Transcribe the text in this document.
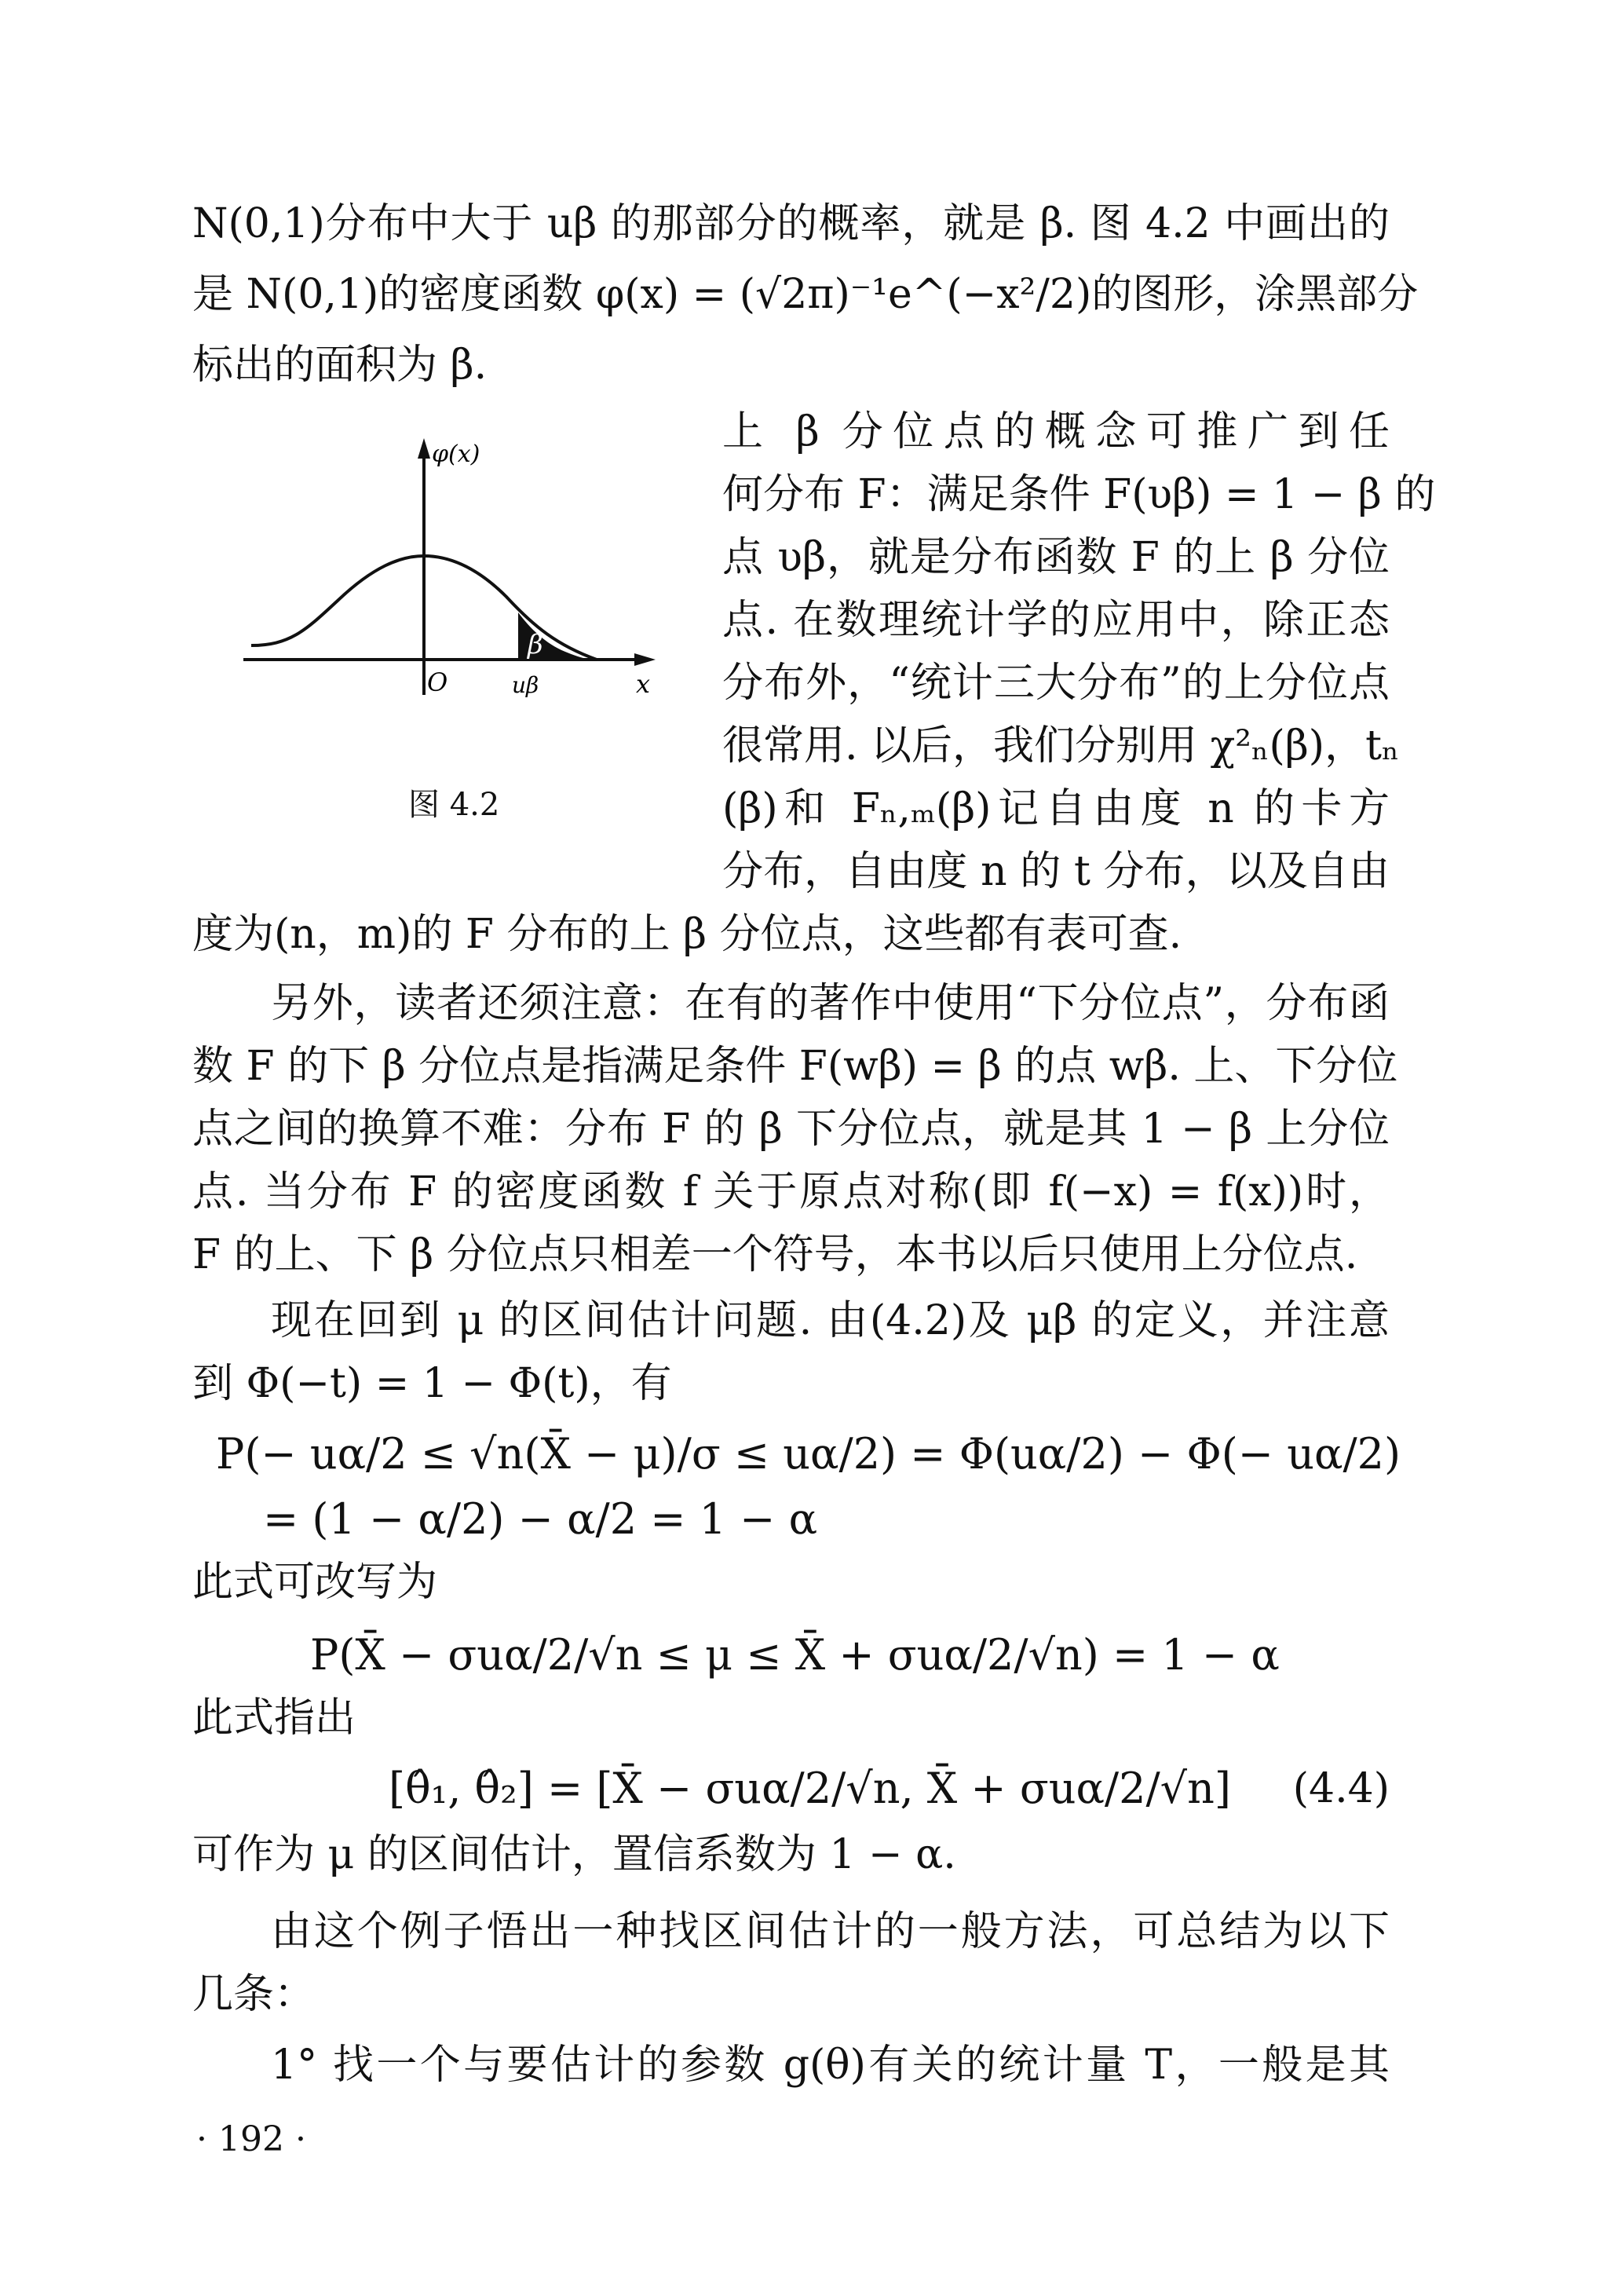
N(0,1)分布中大于 uβ 的那部分的概率，就是 β. 图 4.2 中画出的
是 N(0,1)的密度函数 φ(x) = (√2π)⁻¹e^(−x²/2)的图形，涂黑部分
标出的面积为 β.
φ(x)
O	uβ	x
β
图 4.2
上 β 分位点的概念可推广到任
何分布 F：满足条件 F(υβ) = 1 − β 的
点 υβ，就是分布函数 F 的上 β 分位
点. 在数理统计学的应用中，除正态
分布外，“统计三大分布”的上分位点
很常用. 以后，我们分别用 χ²ₙ(β)，tₙ
(β)和 Fₙ,ₘ(β)记自由度 n 的卡方
分布，自由度 n 的 t 分布，以及自由
度为(n，m)的 F 分布的上 β 分位点，这些都有表可查.
另外，读者还须注意：在有的著作中使用“下分位点”，分布函
数 F 的下 β 分位点是指满足条件 F(wβ) = β 的点 wβ. 上、下分位
点之间的换算不难：分布 F 的 β 下分位点，就是其 1 − β 上分位
点. 当分布 F 的密度函数 f 关于原点对称(即 f(−x) = f(x))时，
F 的上、下 β 分位点只相差一个符号，本书以后只使用上分位点.
现在回到 μ 的区间估计问题. 由(4.2)及 μβ 的定义，并注意
到 Φ(−t) = 1 − Φ(t)，有
P(− uα/2 ≤ √n(X̄ − μ)/σ ≤ uα/2) = Φ(uα/2) − Φ(− uα/2)
= (1 − α/2) − α/2 = 1 − α
此式可改写为
P(X̄ − σuα/2/√n ≤ μ ≤ X̄ + σuα/2/√n) = 1 − α
此式指出
[θ̂₁, θ̂₂] = [X̄ − σuα/2/√n, X̄ + σuα/2/√n] (4.4)
可作为 μ 的区间估计，置信系数为 1 − α.
由这个例子悟出一种找区间估计的一般方法，可总结为以下
几条：
1° 找一个与要估计的参数 g(θ)有关的统计量 T，一般是其
· 192 ·
